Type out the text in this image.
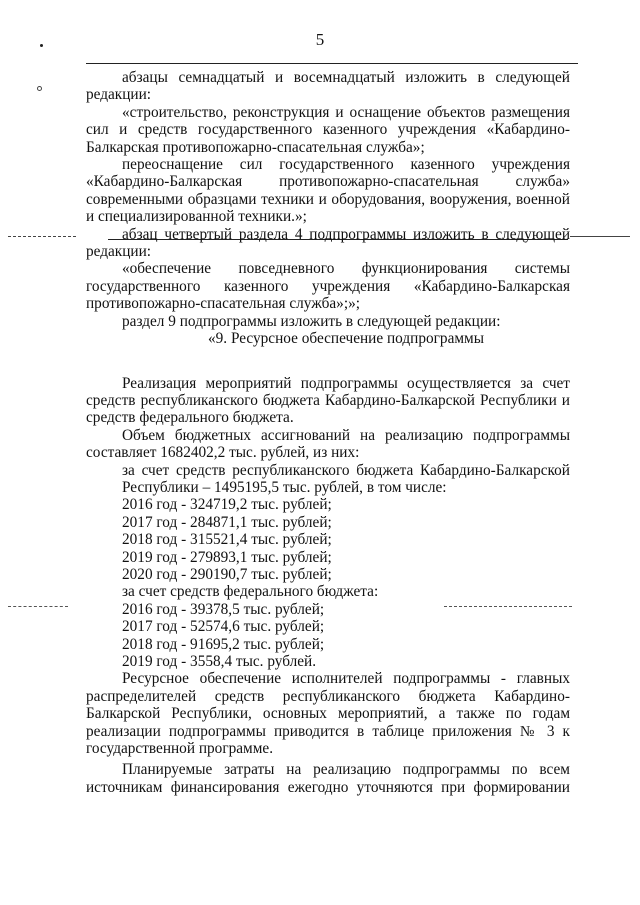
5

абзацы семнадцатый и восемнадцатый изложить в следующей редакции:

«строительство, реконструкция и оснащение объектов размещения сил и средств государственного казенного учреждения «Кабардино-Балкарская противопожарно-спасательная служба»;

переоснащение сил государственного казенного учреждения «Кабардино-Балкарская противопожарно-спасательная служба» современными образцами техники и оборудования, вооружения, военной и специализированной техники.»;

абзац четвертый раздела 4 подпрограммы изложить в следующей редакции:

«обеспечение повседневного функционирования системы государственного казенного учреждения «Кабардино-Балкарская противопожарно-спасательная служба»;»;

раздел 9 подпрограммы изложить в следующей редакции:

«9. Ресурсное обеспечение подпрограммы

Реализация мероприятий подпрограммы осуществляется за счет средств республиканского бюджета Кабардино-Балкарской Республики и средств федерального бюджета.

Объем бюджетных ассигнований на реализацию подпрограммы составляет 1682402,2 тыс. рублей, из них:

за счет средств республиканского бюджета Кабардино-Балкарской Республики – 1495195,5 тыс. рублей, в том числе:

2016 год - 324719,2 тыс. рублей;
2017 год - 284871,1 тыс. рублей;
2018 год - 315521,4 тыс. рублей;
2019 год - 279893,1 тыс. рублей;
2020 год - 290190,7 тыс. рублей;

за счет средств федерального бюджета:

2016 год - 39378,5 тыс. рублей;
2017 год - 52574,6 тыс. рублей;
2018 год - 91695,2 тыс. рублей;
2019 год - 3558,4 тыс. рублей.

Ресурсное обеспечение исполнителей подпрограммы - главных распределителей средств республиканского бюджета Кабардино-Балкарской Республики, основных мероприятий, а также по годам реализации подпрограммы приводится в таблице приложения № 3 к государственной программе.

Планируемые затраты на реализацию подпрограммы по всем источникам финансирования ежегодно уточняются при формировании
